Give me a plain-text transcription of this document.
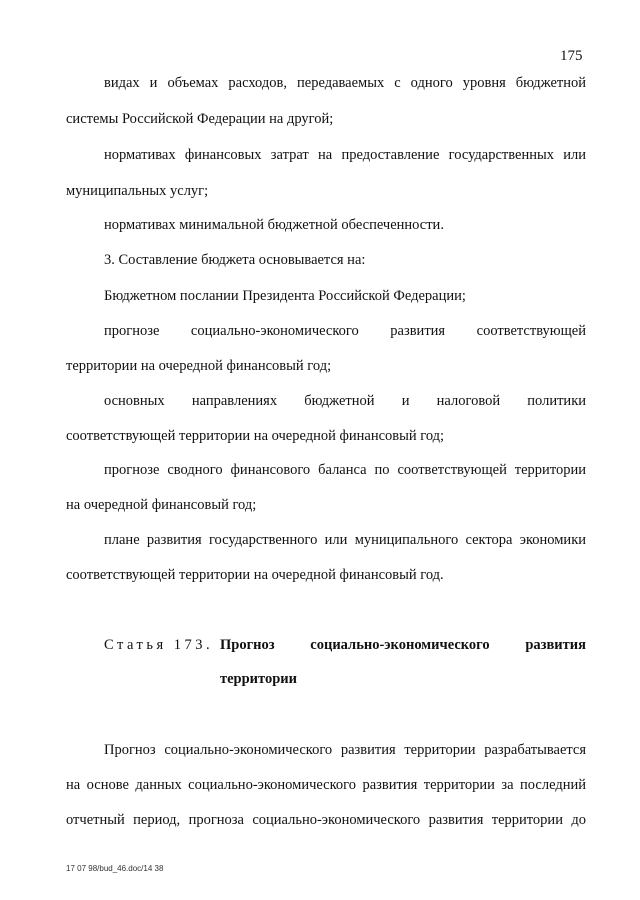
175
видах и объемах расходов, передаваемых с одного уровня бюджетной
системы Российской Федерации на другой;
нормативах финансовых затрат на предоставление государственных или
муниципальных услуг;
нормативах минимальной бюджетной обеспеченности.
3. Составление бюджета основывается на:
Бюджетном послании Президента Российской Федерации;
прогнозе социально-экономического развития соответствующей
территории на очередной финансовый год;
основных направлениях бюджетной и налоговой политики
соответствующей территории на очередной финансовый год;
прогнозе сводного финансового баланса по соответствующей территории
на очередной финансовый год;
плане развития государственного или муниципального сектора экономики
соответствующей территории на очередной финансовый год.
Статья 173. Прогноз социально-экономического развития
территории
Прогноз социально-экономического развития территории разрабатывается
на основе данных социально-экономического развития территории за последний
отчетный период, прогноза социально-экономического развития территории до
17 07 98/bud_46.doc/14 38
